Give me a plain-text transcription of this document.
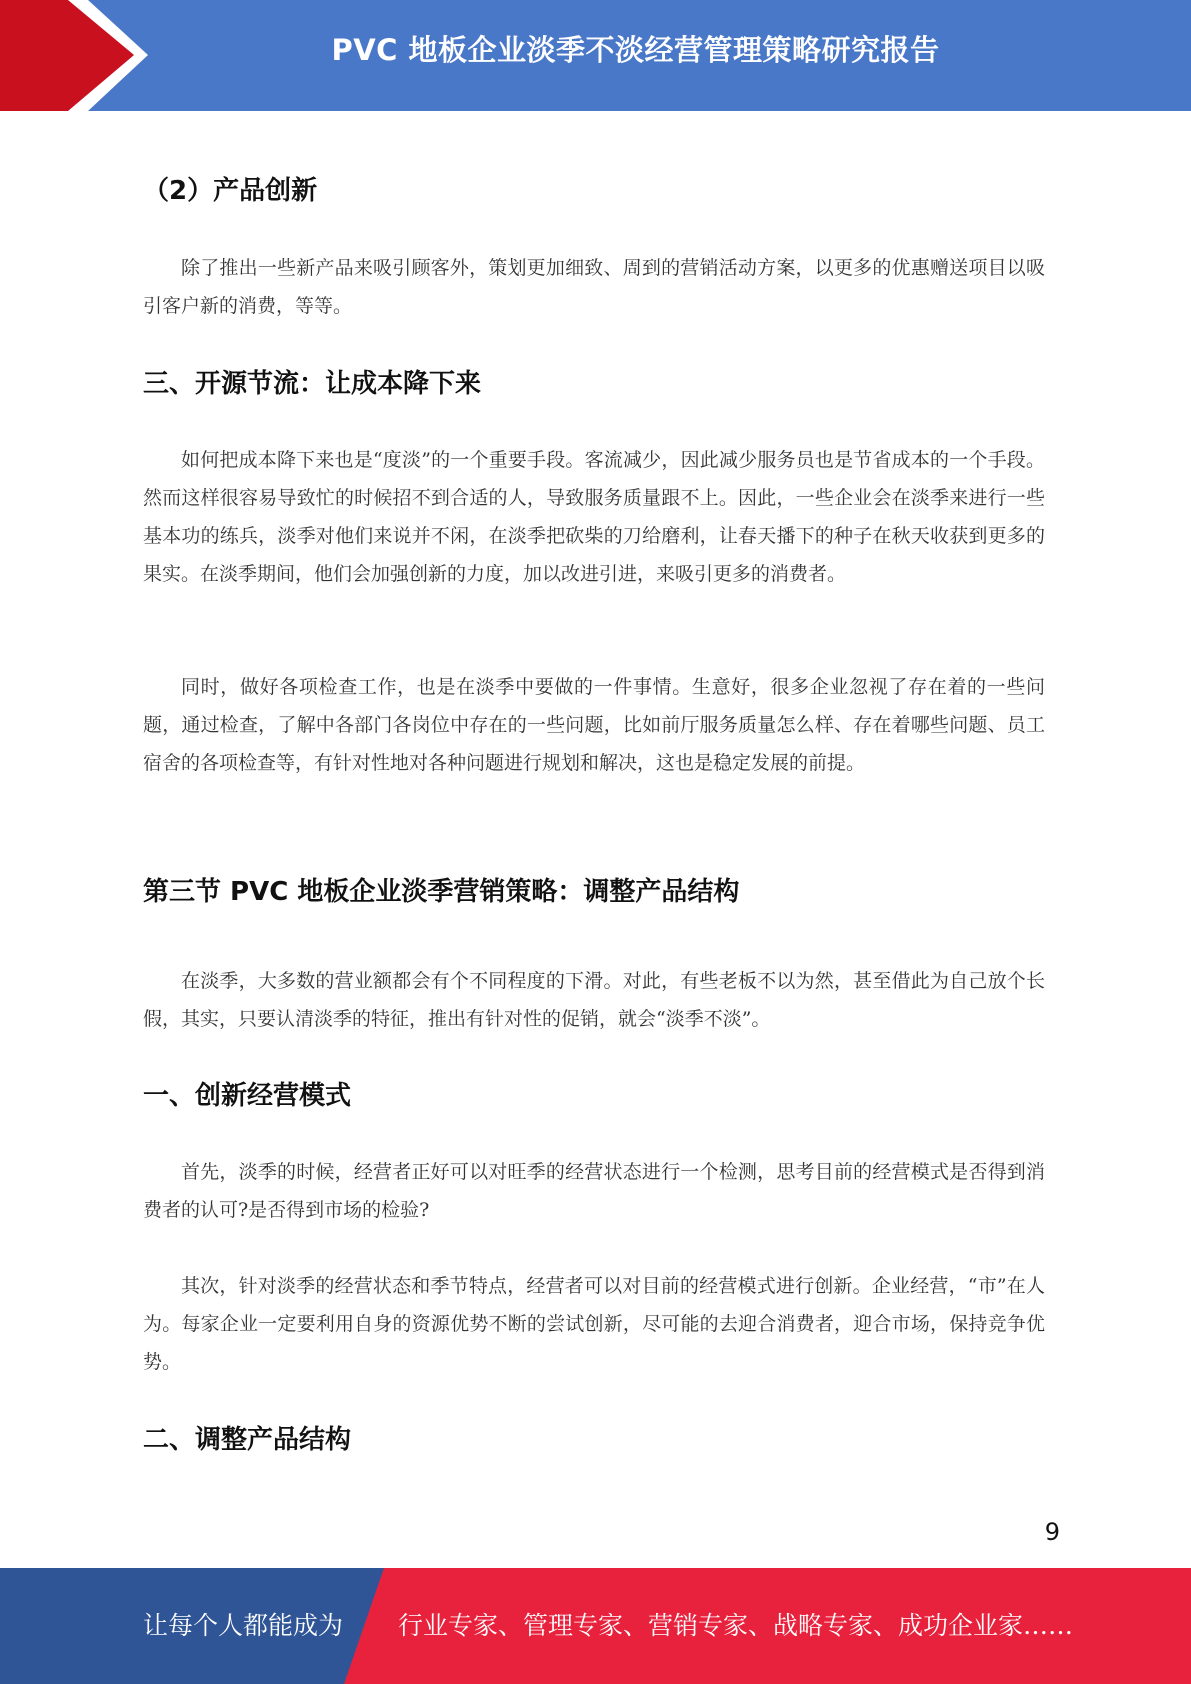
PVC 地板企业淡季不淡经营管理策略研究报告
（2）产品创新

除了推出一些新产品来吸引顾客外，策划更加细致、周到的营销活动方案，以更多的优惠赠送项目以吸引客户新的消费，等等。

三、开源节流：让成本降下来

如何把成本降下来也是“度淡”的一个重要手段。客流减少，因此减少服务员也是节省成本的一个手段。然而这样很容易导致忙的时候招不到合适的人，导致服务质量跟不上。因此，一些企业会在淡季来进行一些基本功的练兵，淡季对他们来说并不闲，在淡季把砍柴的刀给磨利，让春天播下的种子在秋天收获到更多的果实。在淡季期间，他们会加强创新的力度，加以改进引进，来吸引更多的消费者。

同时，做好各项检查工作，也是在淡季中要做的一件事情。生意好，很多企业忽视了存在着的一些问题，通过检查，了解中各部门各岗位中存在的一些问题，比如前厅服务质量怎么样、存在着哪些问题、员工宿舍的各项检查等，有针对性地对各种问题进行规划和解决，这也是稳定发展的前提。

第三节 PVC 地板企业淡季营销策略：调整产品结构

在淡季，大多数的营业额都会有个不同程度的下滑。对此，有些老板不以为然，甚至借此为自己放个长假，其实，只要认清淡季的特征，推出有针对性的促销，就会“淡季不淡”。

一、创新经营模式

首先，淡季的时候，经营者正好可以对旺季的经营状态进行一个检测，思考目前的经营模式是否得到消费者的认可?是否得到市场的检验?

其次，针对淡季的经营状态和季节特点，经营者可以对目前的经营模式进行创新。企业经营，“市”在人为。每家企业一定要利用自身的资源优势不断的尝试创新，尽可能的去迎合消费者，迎合市场，保持竞争优势。

二、调整产品结构
9
让每个人都能成为 行业专家、管理专家、营销专家、战略专家、成功企业家……
